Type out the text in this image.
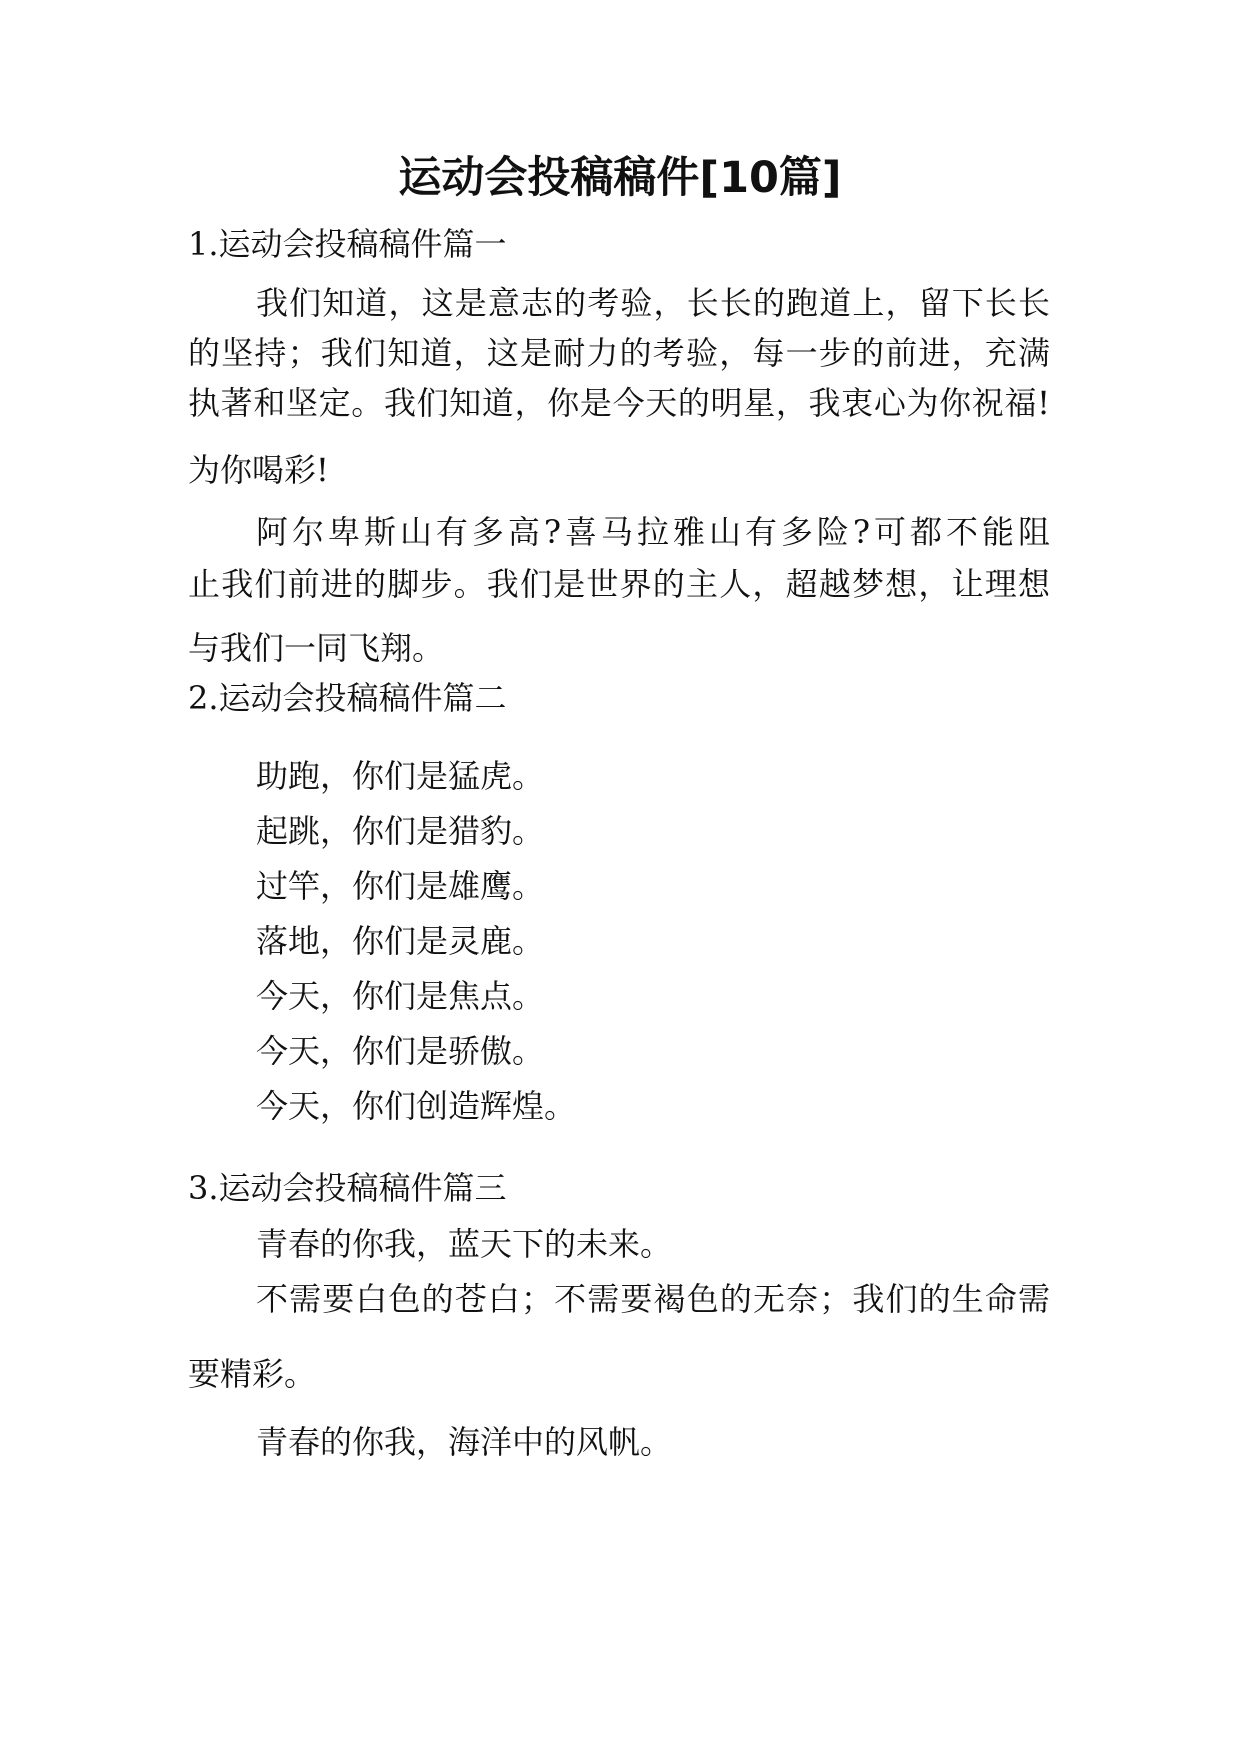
运动会投稿稿件[10篇]
1.运动会投稿稿件篇一
我们知道，这是意志的考验，长长的跑道上，留下长长
的坚持；我们知道，这是耐力的考验，每一步的前进，充满
执著和坚定。我们知道，你是今天的明星，我衷心为你祝福!
为你喝彩!
阿尔卑斯山有多高?喜马拉雅山有多险?可都不能阻
止我们前进的脚步。我们是世界的主人，超越梦想，让理想
与我们一同飞翔。
2.运动会投稿稿件篇二
助跑，你们是猛虎。
起跳，你们是猎豹。
过竿，你们是雄鹰。
落地，你们是灵鹿。
今天，你们是焦点。
今天，你们是骄傲。
今天，你们创造辉煌。
3.运动会投稿稿件篇三
青春的你我，蓝天下的未来。
不需要白色的苍白；不需要褐色的无奈；我们的生命需
要精彩。
青春的你我，海洋中的风帆。
